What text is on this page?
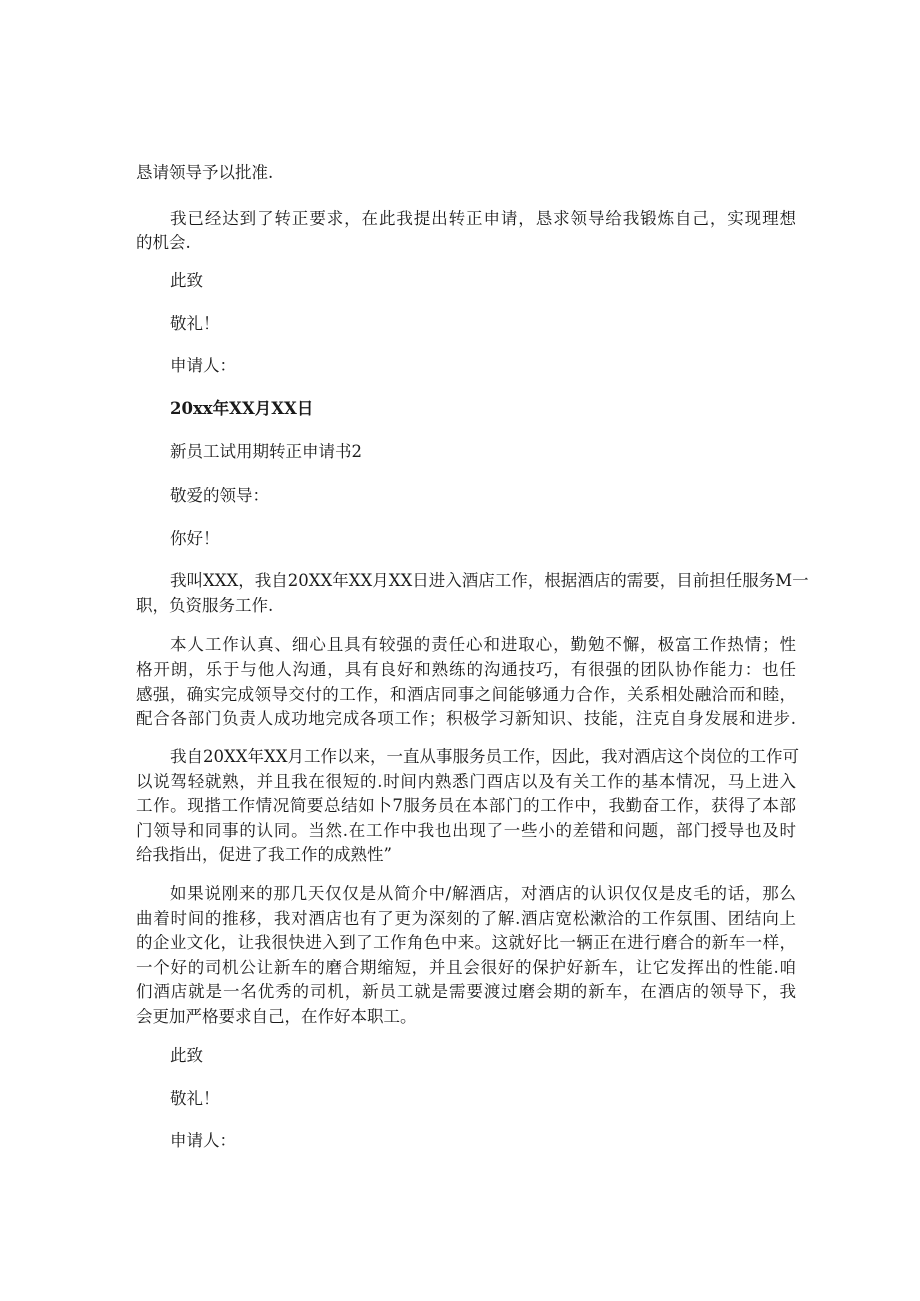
恳请领导予以批准.

我已经达到了转正要求，在此我提出转正申请，恳求领导给我锻炼自己，实现理想

的机会.

此致

敬礼！

申请人：

20xx年XX月XX日

新员工试用期转正申请书2

敬爱的领导：

你好！

我叫XXX，我自20XX年XX月XX日进入酒店工作，根据酒店的需要，目前担任服务M一

职，负资服务工作.

本人工作认真、细心且具有较强的责任心和进取心，勤勉不懈，极富工作热情；性

格开朗，乐于与他人沟通，具有良好和熟练的沟通技巧，有很强的团队协作能力：也任

感强，确实完成领导交付的工作，和酒店同事之间能够通力合作，关系相处融洽而和睦，

配合各部门负责人成功地完成各项工作；积极学习新知识、技能，注克自身发展和进步.

我自20XX年XX月工作以来，一直从事服务员工作，因此，我对酒店这个岗位的工作可

以说驾轻就熟，并且我在很短的.时间内熟悉门酉店以及有关工作的基本情况，马上进入

工作。现揩工作情况简要总结如卜7服务员在本部门的工作中，我勤奋工作，获得了本部

门领导和同事的认同。当然.在工作中我也出现了一些小的差错和问题，部门授导也及时

给我指出，促进了我工作的成熟性”

如果说刚来的那几天仅仅是从简介中/解酒店，对酒店的认识仅仅是皮毛的话，那么

曲着时间的推移，我对酒店也有了更为深刻的了解.酒店宽松漱洽的工作氛围、团结向上

的企业文化，让我很快进入到了工作角色中来。这就好比一辆正在进行磨合的新车一样，

一个好的司机公让新车的磨合期缩短，并且会很好的保护好新车，让它发挥出的性能.咱

们酒店就是一名优秀的司机，新员工就是需要渡过磨会期的新车，在酒店的领导下，我

会更加严格要求自己，在作好本职工。

此致

敬礼！

申请人：
